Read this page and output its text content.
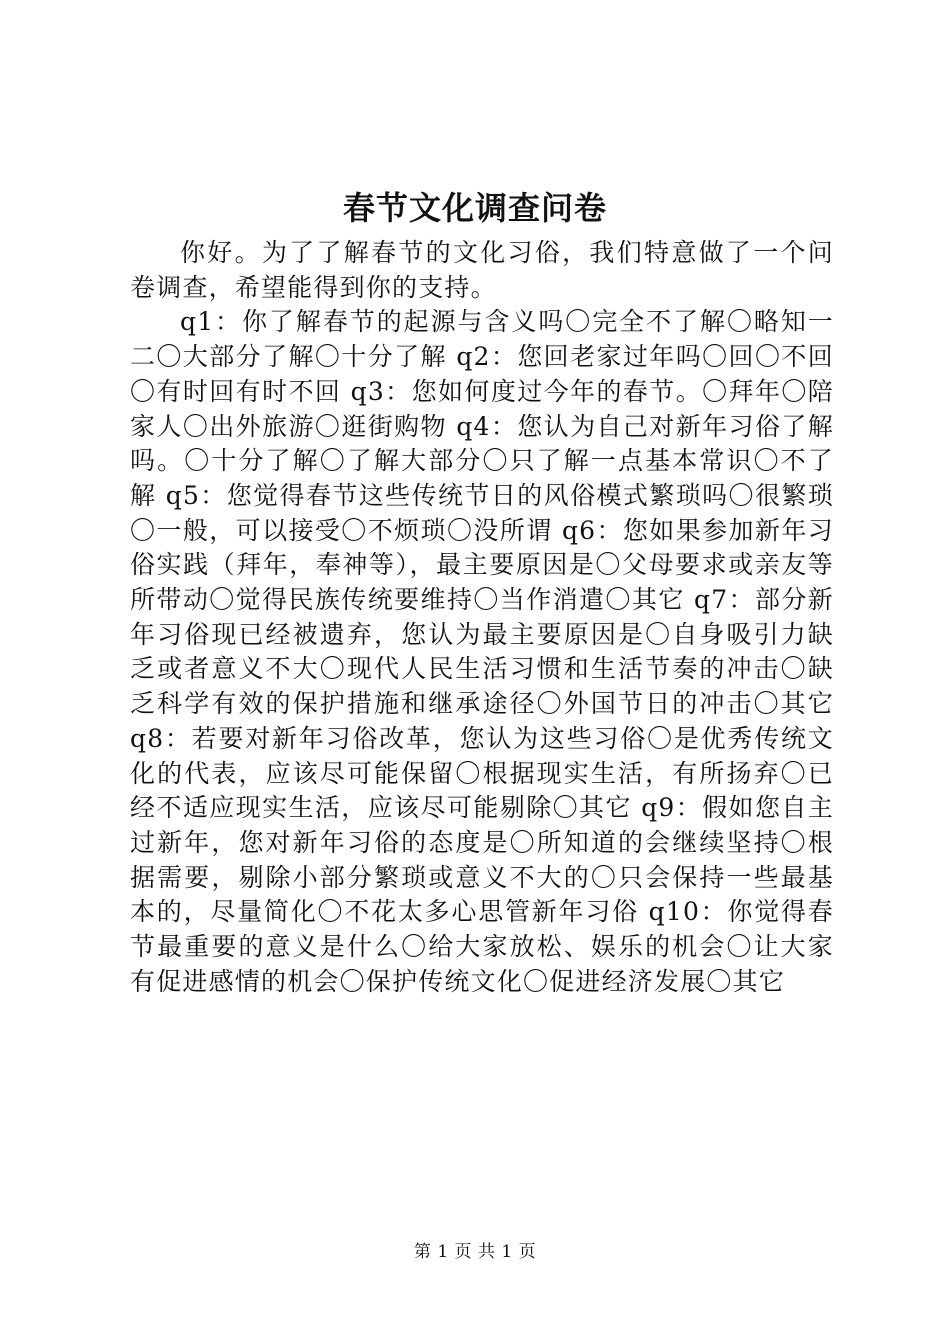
春节文化调查问卷

你好。为了了解春节的文化习俗，我们特意做了一个问卷调查，希望能得到你的支持。

q1：你了解春节的起源与含义吗〇完全不了解〇略知一二〇大部分了解〇十分了解 q2：您回老家过年吗〇回〇不回〇有时回有时不回 q3：您如何度过今年的春节。〇拜年〇陪家人〇出外旅游〇逛街购物 q4：您认为自己对新年习俗了解吗。〇十分了解〇了解大部分〇只了解一点基本常识〇不了解 q5：您觉得春节这些传统节日的风俗模式繁琐吗〇很繁琐〇一般，可以接受〇不烦琐〇没所谓 q6：您如果参加新年习俗实践（拜年，奉神等），最主要原因是〇父母要求或亲友等所带动〇觉得民族传统要维持〇当作消遣〇其它 q7：部分新年习俗现已经被遗弃，您认为最主要原因是〇自身吸引力缺乏或者意义不大〇现代人民生活习惯和生活节奏的冲击〇缺乏科学有效的保护措施和继承途径〇外国节日的冲击〇其它 q8：若要对新年习俗改革，您认为这些习俗〇是优秀传统文化的代表，应该尽可能保留〇根据现实生活，有所扬弃〇已经不适应现实生活，应该尽可能剔除〇其它 q9：假如您自主过新年，您对新年习俗的态度是〇所知道的会继续坚持〇根据需要，剔除小部分繁琐或意义不大的〇只会保持一些最基本的，尽量简化〇不花太多心思管新年习俗 q10：你觉得春节最重要的意义是什么〇给大家放松、娱乐的机会〇让大家有促进感情的机会〇保护传统文化〇促进经济发展〇其它

第 1 页 共 1 页
